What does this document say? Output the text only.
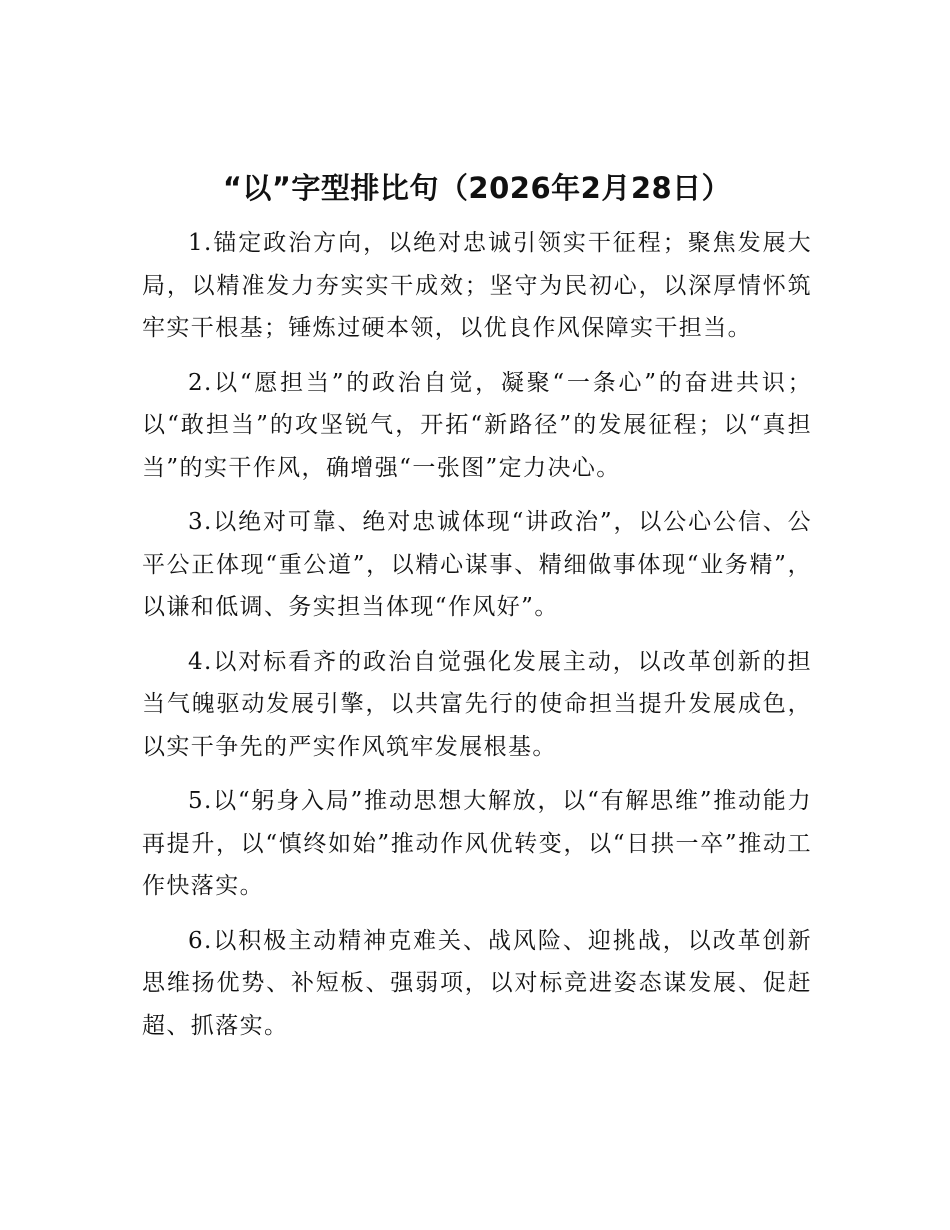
“以”字型排比句（2026年2月28日）

1.锚定政治方向，以绝对忠诚引领实干征程；聚焦发展大局，以精准发力夯实实干成效；坚守为民初心，以深厚情怀筑牢实干根基；锤炼过硬本领，以优良作风保障实干担当。

2.以“愿担当”的政治自觉，凝聚“一条心”的奋进共识；以“敢担当”的攻坚锐气，开拓“新路径”的发展征程；以“真担当”的实干作风，确增强“一张图”定力决心。

3.以绝对可靠、绝对忠诚体现“讲政治”，以公心公信、公平公正体现“重公道”，以精心谋事、精细做事体现“业务精”，以谦和低调、务实担当体现“作风好”。

4.以对标看齐的政治自觉强化发展主动，以改革创新的担当气魄驱动发展引擎，以共富先行的使命担当提升发展成色，以实干争先的严实作风筑牢发展根基。

5.以“躬身入局”推动思想大解放，以“有解思维”推动能力再提升，以“慎终如始”推动作风优转变，以“日拱一卒”推动工作快落实。

6.以积极主动精神克难关、战风险、迎挑战，以改革创新思维扬优势、补短板、强弱项，以对标竞进姿态谋发展、促赶超、抓落实。
